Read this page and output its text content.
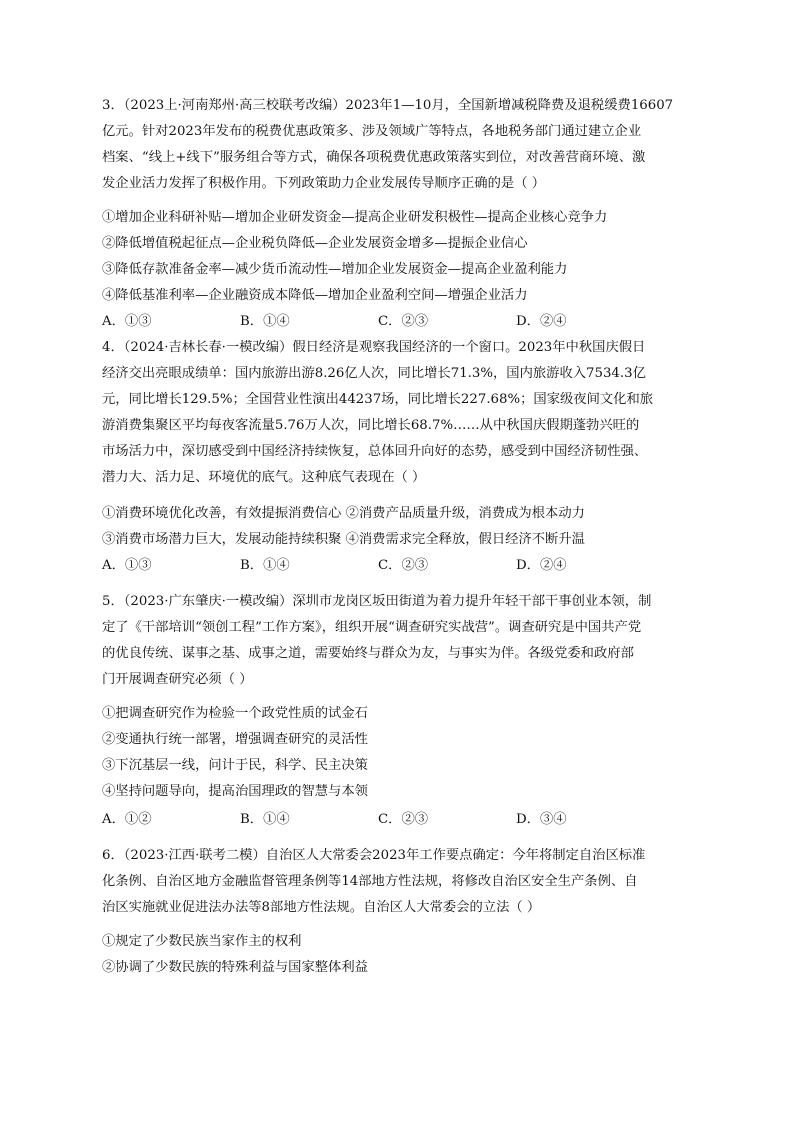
3．（2023上·河南郑州·高三校联考改编）2023年1—10月，全国新增减税降费及退税缓费16607
亿元。针对2023年发布的税费优惠政策多、涉及领域广等特点，各地税务部门通过建立企业
档案、“线上+线下”服务组合等方式，确保各项税费优惠政策落实到位，对改善营商环境、激
发企业活力发挥了积极作用。下列政策助力企业发展传导顺序正确的是（ ）
①增加企业科研补贴—增加企业研发资金—提高企业研发积极性—提高企业核心竞争力
②降低增值税起征点—企业税负降低—企业发展资金增多—提振企业信心
③降低存款准备金率—减少货币流动性—增加企业发展资金—提高企业盈利能力
④降低基准利率—企业融资成本降低—增加企业盈利空间—增强企业活力
A．①③	B．①④	C．②③	D．②④
4．（2024·吉林长春·一模改编）假日经济是观察我国经济的一个窗口。2023年中秋国庆假日
经济交出亮眼成绩单：国内旅游出游8.26亿人次，同比增长71.3%，国内旅游收入7534.3亿
元，同比增长129.5%；全国营业性演出44237场，同比增长227.68%；国家级夜间文化和旅
游消费集聚区平均每夜客流量5.76万人次，同比增长68.7%……从中秋国庆假期蓬勃兴旺的
市场活力中，深切感受到中国经济持续恢复，总体回升向好的态势，感受到中国经济韧性强、
潜力大、活力足、环境优的底气。这种底气表现在（ ）
①消费环境优化改善，有效提振消费信心 ②消费产品质量升级，消费成为根本动力
③消费市场潜力巨大，发展动能持续积聚 ④消费需求完全释放，假日经济不断升温
A．①③	B．①④	C．②③	D．②④
5．（2023·广东肇庆·一模改编）深圳市龙岗区坂田街道为着力提升年轻干部干事创业本领，制
定了《干部培训“领创工程”工作方案》，组织开展“调查研究实战营”。调查研究是中国共产党
的优良传统、谋事之基、成事之道，需要始终与群众为友，与事实为伴。各级党委和政府部
门开展调查研究必须（ ）
①把调查研究作为检验一个政党性质的试金石
②变通执行统一部署，增强调查研究的灵活性
③下沉基层一线，问计于民，科学、民主决策
④坚持问题导向，提高治国理政的智慧与本领
A．①②	B．①④	C．②③	D．③④
6．（2023·江西·联考二模）自治区人大常委会2023年工作要点确定：今年将制定自治区标准
化条例、自治区地方金融监督管理条例等14部地方性法规，将修改自治区安全生产条例、自
治区实施就业促进法办法等8部地方性法规。自治区人大常委会的立法（ ）
①规定了少数民族当家作主的权利
②协调了少数民族的特殊利益与国家整体利益
